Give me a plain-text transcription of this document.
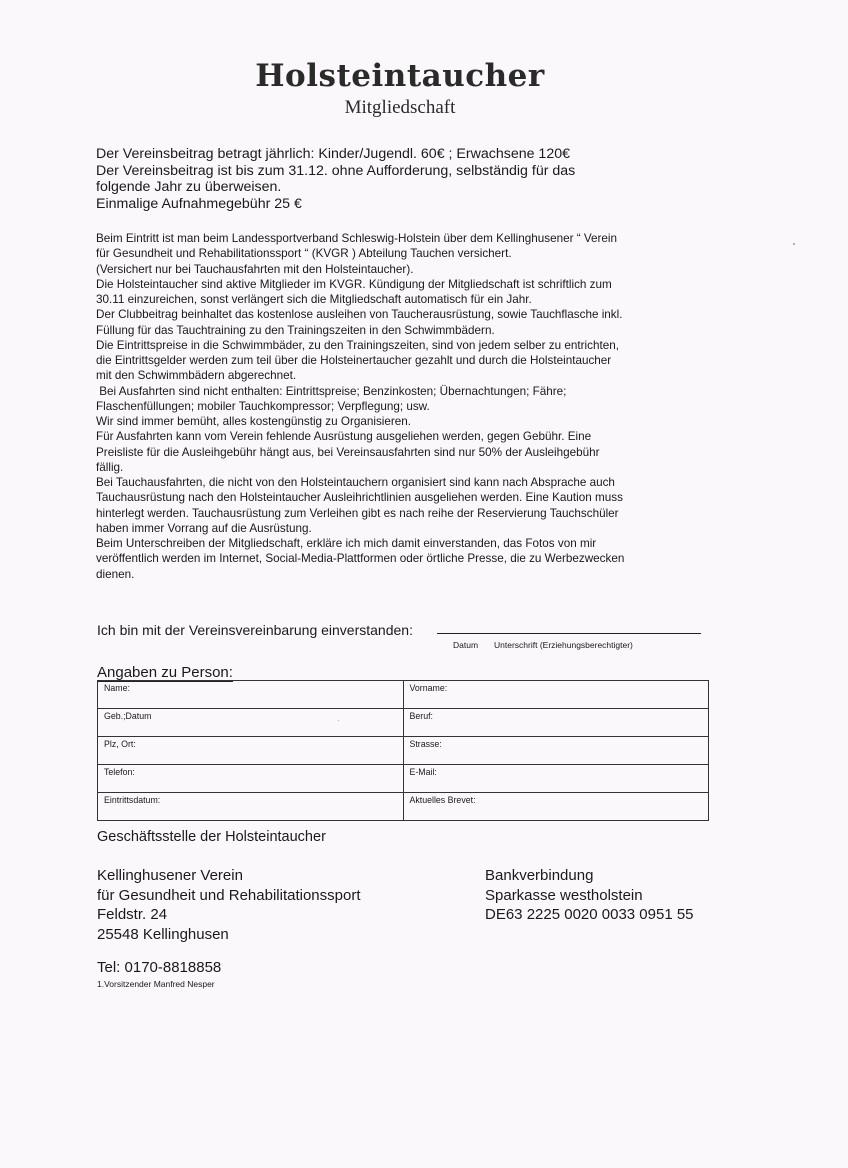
Holsteintaucher
Mitgliedschaft
Der Vereinsbeitrag betragt jährlich: Kinder/Jugendl. 60€ ; Erwachsene 120€
Der Vereinsbeitrag ist bis zum 31.12. ohne Aufforderung, selbständig für das
folgende Jahr zu überweisen.
Einmalige Aufnahmegebühr 25 €

Beim Eintritt ist man beim Landessportverband Schleswig-Holstein über dem Kellinghusener “ Verein

für Gesundheit und Rehabilitationssport “ (KVGR ) Abteilung Tauchen versichert.

(Versichert nur bei Tauchausfahrten mit den Holsteintaucher).

Die Holsteintaucher sind aktive Mitglieder im KVGR. Kündigung der Mitgliedschaft ist schriftlich zum

30.11 einzureichen, sonst verlängert sich die Mitgliedschaft automatisch für ein Jahr.

Der Clubbeitrag beinhaltet das kostenlose ausleihen von Taucherausrüstung, sowie Tauchflasche inkl.

Füllung für das Tauchtraining zu den Trainingszeiten in den Schwimmbädern.

Die Eintrittspreise in die Schwimmbäder, zu den Trainingszeiten, sind von jedem selber zu entrichten,

die Eintrittsgelder werden zum teil über die Holsteinertaucher gezahlt und durch die Holsteintaucher

mit den Schwimmbädern abgerechnet.

Bei Ausfahrten sind nicht enthalten: Eintrittspreise; Benzinkosten; Übernachtungen; Fähre;

Flaschenfüllungen; mobiler Tauchkompressor; Verpflegung; usw.

Wir sind immer bemüht, alles kostengünstig zu Organisieren.

Für Ausfahrten kann vom Verein fehlende Ausrüstung ausgeliehen werden, gegen Gebühr. Eine

Preisliste für die Ausleihgebühr hängt aus, bei Vereinsausfahrten sind nur 50% der Ausleihgebühr

fällig.

Bei Tauchausfahrten, die nicht von den Holsteintauchern organisiert sind kann nach Absprache auch

Tauchausrüstung nach den Holsteintaucher Ausleihrichtlinien ausgeliehen werden. Eine Kaution muss

hinterlegt werden. Tauchausrüstung zum Verleihen gibt es nach reihe der Reservierung Tauchschüler

haben immer Vorrang auf die Ausrüstung.

Beim Unterschreiben der Mitgliedschaft, erkläre ich mich damit einverstanden, das Fotos von mir

veröffentlich werden im Internet, Social-Media-Plattformen oder örtliche Presse, die zu Werbezwecken

dienen.

Ich bin mit der Vereinsvereinbarung einverstanden:
Datum Unterschrift (Erziehungsberechtigter)
Angaben zu Person:
Name:	Vorname:
Geb.;Datum	Beruf:
Plz, Ort:	Strasse:
Telefon:	E-Mail:
Eintrittsdatum:	Aktuelles Brevet:
Geschäftsstelle der Holsteintaucher
Kellinghusener Verein
für Gesundheit und Rehabilitationssport
Feldstr. 24
25548 Kellinghusen
Bankverbindung
Sparkasse westholstein
DE63 2225 0020 0033 0951 55
Tel: 0170-8818858
1.Vorsitzender Manfred Nesper
